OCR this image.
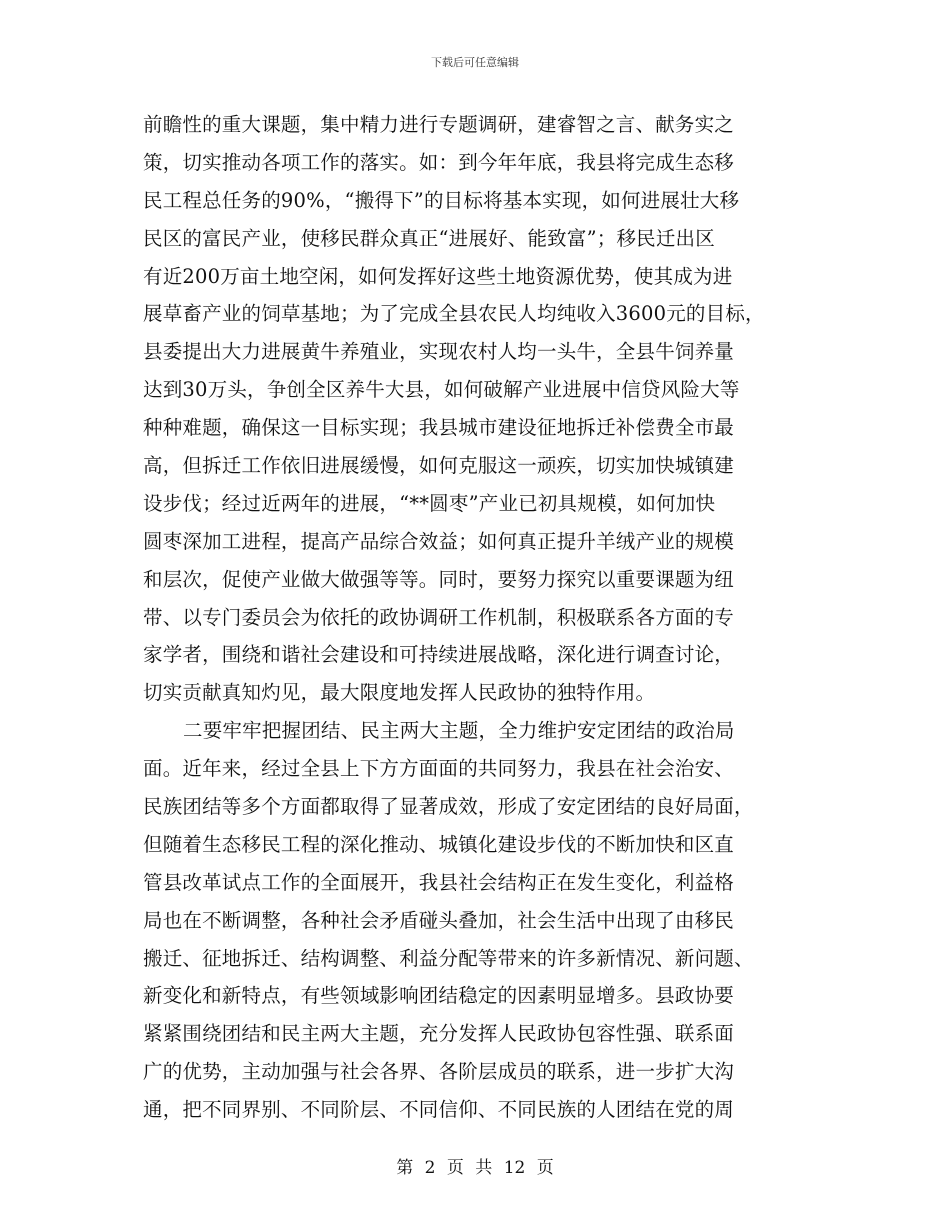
下载后可任意编辑
前瞻性的重大课题，集中精力进行专题调研，建睿智之言、献务实之
策，切实推动各项工作的落实。如：到今年年底，我县将完成生态移
民工程总任务的90%，“搬得下”的目标将基本实现，如何进展壮大移
民区的富民产业，使移民群众真正“进展好、能致富”；移民迁出区
有近200万亩土地空闲，如何发挥好这些土地资源优势，使其成为进
展草畜产业的饲草基地；为了完成全县农民人均纯收入3600元的目标，
县委提出大力进展黄牛养殖业，实现农村人均一头牛，全县牛饲养量
达到30万头，争创全区养牛大县，如何破解产业进展中信贷风险大等
种种难题，确保这一目标实现；我县城市建设征地拆迁补偿费全市最
高，但拆迁工作依旧进展缓慢，如何克服这一顽疾，切实加快城镇建
设步伐；经过近两年的进展，“**圆枣”产业已初具规模，如何加快
圆枣深加工进程，提高产品综合效益；如何真正提升羊绒产业的规模
和层次，促使产业做大做强等等。同时，要努力探究以重要课题为纽
带、以专门委员会为依托的政协调研工作机制，积极联系各方面的专
家学者，围绕和谐社会建设和可持续进展战略，深化进行调查讨论，
切实贡献真知灼见，最大限度地发挥人民政协的独特作用。
二要牢牢把握团结、民主两大主题，全力维护安定团结的政治局
面。近年来，经过全县上下方方面面的共同努力，我县在社会治安、
民族团结等多个方面都取得了显著成效，形成了安定团结的良好局面，
但随着生态移民工程的深化推动、城镇化建设步伐的不断加快和区直
管县改革试点工作的全面展开，我县社会结构正在发生变化，利益格
局也在不断调整，各种社会矛盾碰头叠加，社会生活中出现了由移民
搬迁、征地拆迁、结构调整、利益分配等带来的许多新情况、新问题、
新变化和新特点，有些领域影响团结稳定的因素明显增多。县政协要
紧紧围绕团结和民主两大主题，充分发挥人民政协包容性强、联系面
广的优势，主动加强与社会各界、各阶层成员的联系，进一步扩大沟
通，把不同界别、不同阶层、不同信仰、不同民族的人团结在党的周
第 2 页 共 12 页
